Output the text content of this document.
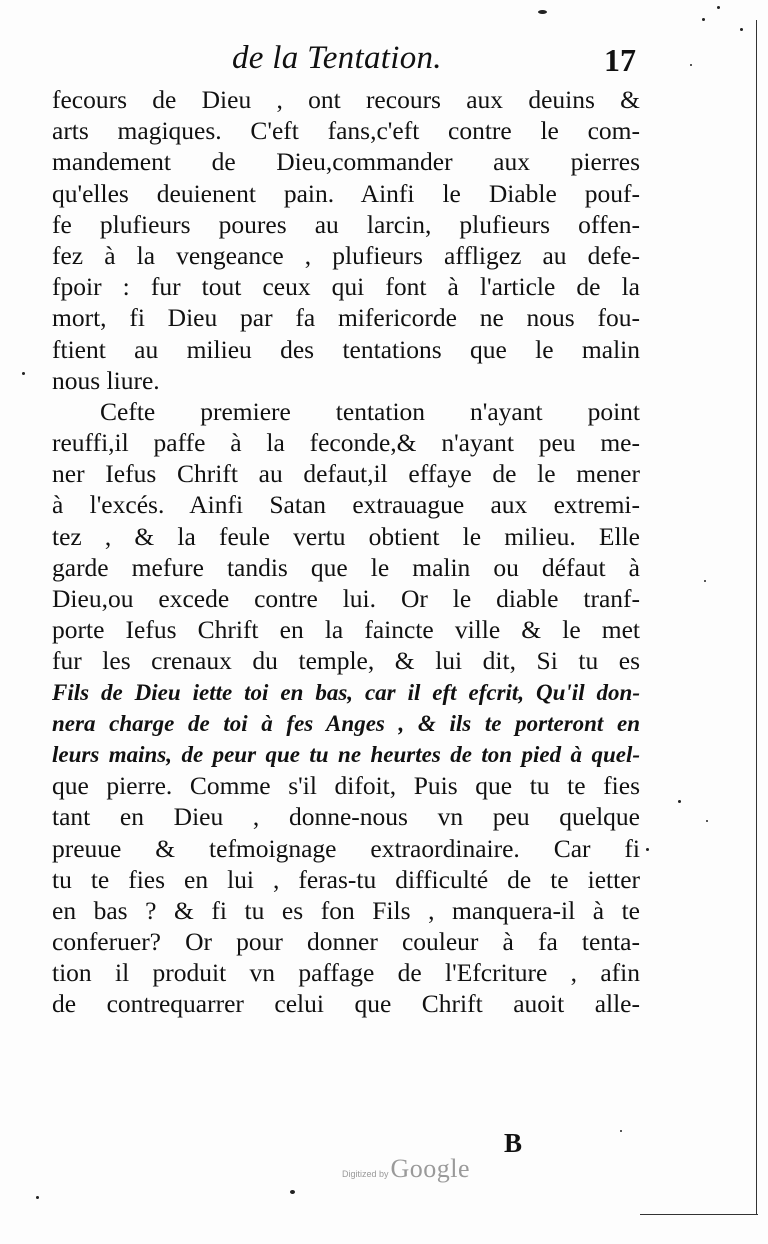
de la Tentation.	17
fecours de Dieu , ont recours aux deuins &
arts magiques. C'eft fans,c'eft contre le com-
mandement de Dieu,commander aux pierres
qu'elles deuienent pain. Ainfi le Diable pouf-
fe plufieurs poures au larcin, plufieurs offen-
fez à la vengeance , plufieurs affligez au defe-
fpoir : fur tout ceux qui font à l'article de la
mort, fi Dieu par fa mifericorde ne nous fou-
ftient au milieu des tentations que le malin
nous liure.
Cefte premiere tentation n'ayant point
reuffi,il paffe à la feconde,& n'ayant peu me-
ner Iefus Chrift au defaut,il effaye de le mener
à l'excés. Ainfi Satan extrauague aux extremi-
tez , & la feule vertu obtient le milieu. Elle
garde mefure tandis que le malin ou défaut à
Dieu,ou excede contre lui. Or le diable tranf-
porte Iefus Chrift en la faincte ville & le met
fur les crenaux du temple, & lui dit, Si tu es
Fils de Dieu iette toi en bas, car il eft efcrit, Qu'il don-
nera charge de toi à fes Anges , & ils te porteront en
leurs mains, de peur que tu ne heurtes de ton pied à quel-
que pierre. Comme s'il difoit, Puis que tu te fies
tant en Dieu , donne-nous vn peu quelque
preuue & tefmoignage extraordinaire. Car fi
tu te fies en lui , feras-tu difficulté de te ietter
en bas ? & fi tu es fon Fils , manquera-il à te
conferuer? Or pour donner couleur à fa tenta-
tion il produit vn paffage de l'Efcriture , afin
de contrequarrer celui que Chrift auoit alle-
B
Digitized by Google
